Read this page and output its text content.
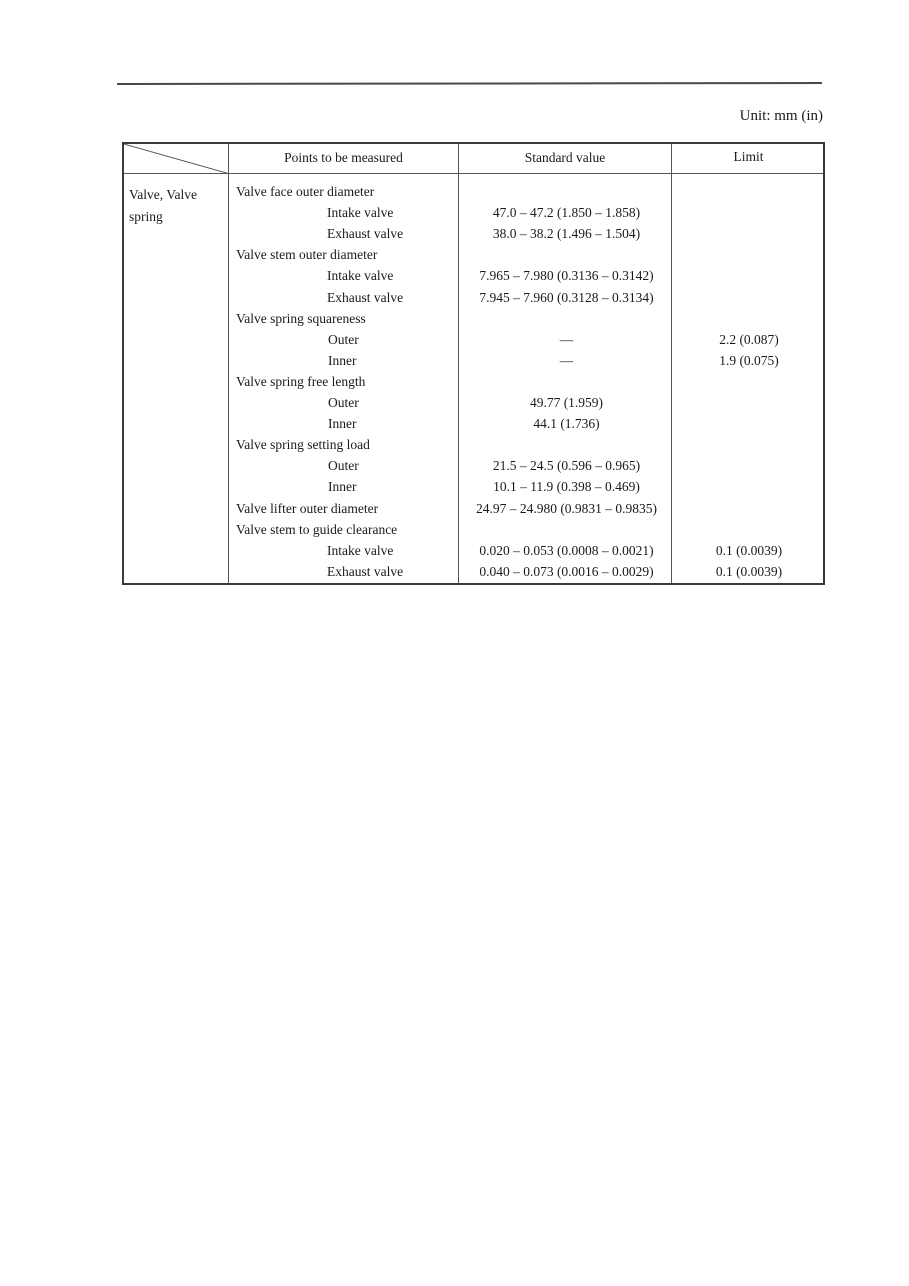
Unit: mm (in)
Points to be measured	Standard value	Limit
Valve, Valve
spring
Valve face outer diameter
Intake valve	47.0 – 47.2 (1.850 – 1.858)
Exhaust valve	38.0 – 38.2 (1.496 – 1.504)
Valve stem outer diameter
Intake valve	7.965 – 7.980 (0.3136 – 0.3142)
Exhaust valve	7.945 – 7.960 (0.3128 – 0.3134)
Valve spring squareness
Outer	—	2.2 (0.087)
Inner	—	1.9 (0.075)
Valve spring free length
Outer	49.77 (1.959)
Inner	44.1 (1.736)
Valve spring setting load
Outer	21.5 – 24.5 (0.596 – 0.965)
Inner	10.1 – 11.9 (0.398 – 0.469)
Valve lifter outer diameter	24.97 – 24.980 (0.9831 – 0.9835)
Valve stem to guide clearance
Intake valve	0.020 – 0.053 (0.0008 – 0.0021)	0.1 (0.0039)
Exhaust valve	0.040 – 0.073 (0.0016 – 0.0029)	0.1 (0.0039)
